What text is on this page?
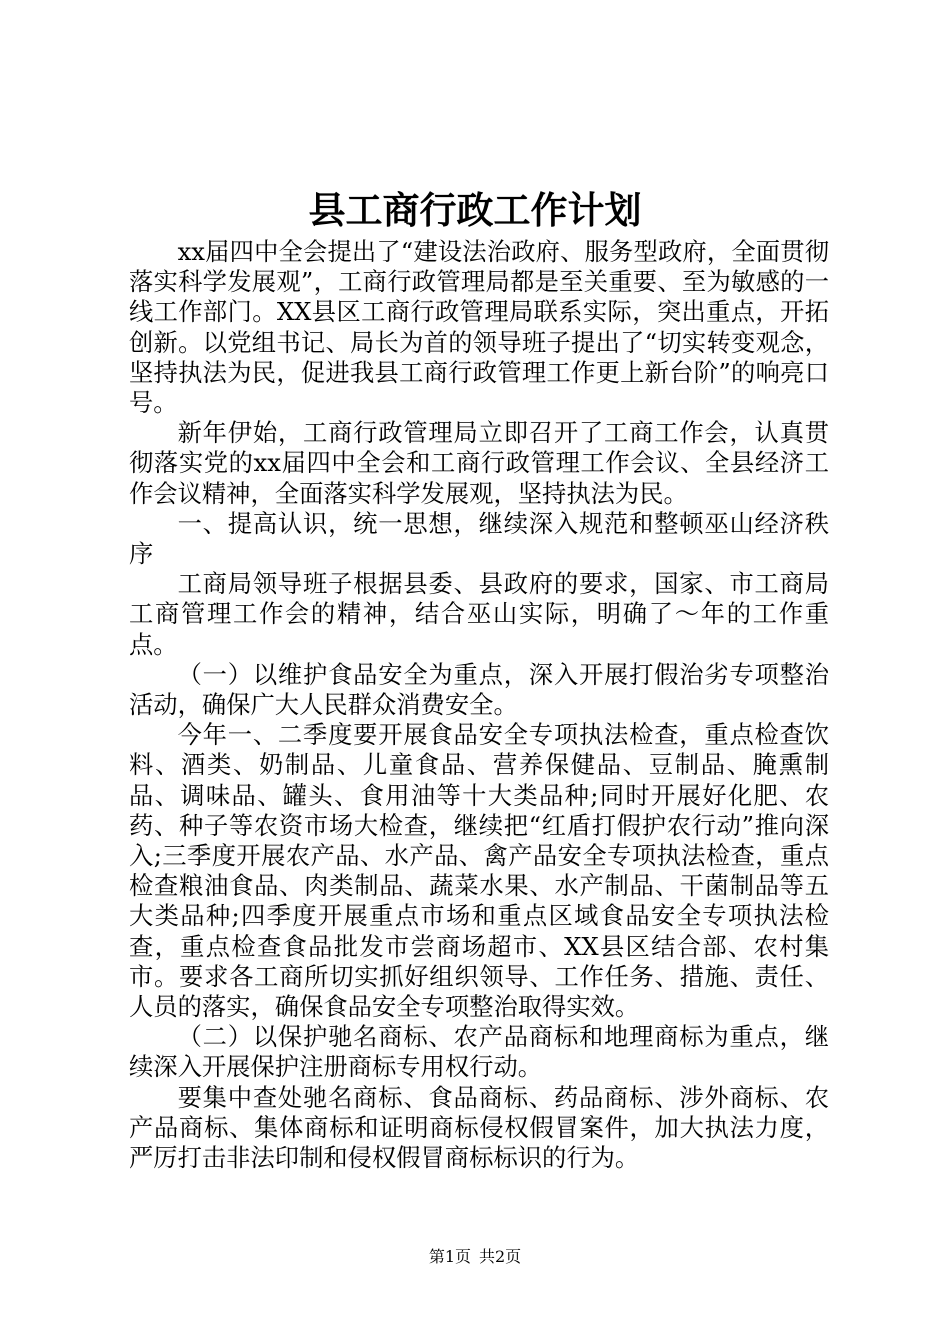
县工商行政工作计划

xx届四中全会提出了“建设法治政府、服务型政府，全面贯彻落实科学发展观”，工商行政管理局都是至关重要、至为敏感的一线工作部门。XX县区工商行政管理局联系实际，突出重点，开拓创新。以党组书记、局长为首的领导班子提出了“切实转变观念，坚持执法为民，促进我县工商行政管理工作更上新台阶”的响亮口号。

新年伊始，工商行政管理局立即召开了工商工作会，认真贯彻落实党的xx届四中全会和工商行政管理工作会议、全县经济工作会议精神，全面落实科学发展观，坚持执法为民。

一、提高认识，统一思想，继续深入规范和整顿巫山经济秩序

工商局领导班子根据县委、县政府的要求，国家、市工商局工商管理工作会的精神，结合巫山实际，明确了～年的工作重点。

（一）以维护食品安全为重点，深入开展打假治劣专项整治活动，确保广大人民群众消费安全。

今年一、二季度要开展食品安全专项执法检查，重点检查饮料、酒类、奶制品、儿童食品、营养保健品、豆制品、腌熏制品、调味品、罐头、食用油等十大类品种;同时开展好化肥、农药、种子等农资市场大检查，继续把“红盾打假护农行动”推向深入;三季度开展农产品、水产品、禽产品安全专项执法检查，重点检查粮油食品、肉类制品、蔬菜水果、水产制品、干菌制品等五大类品种;四季度开展重点市场和重点区域食品安全专项执法检查，重点检查食品批发市尝商场超市、XX县区结合部、农村集市。要求各工商所切实抓好组织领导、工作任务、措施、责任、人员的落实，确保食品安全专项整治取得实效。

（二）以保护驰名商标、农产品商标和地理商标为重点，继续深入开展保护注册商标专用权行动。

要集中查处驰名商标、食品商标、药品商标、涉外商标、农产品商标、集体商标和证明商标侵权假冒案件，加大执法力度，严厉打击非法印制和侵权假冒商标标识的行为。

第1页 共2页
